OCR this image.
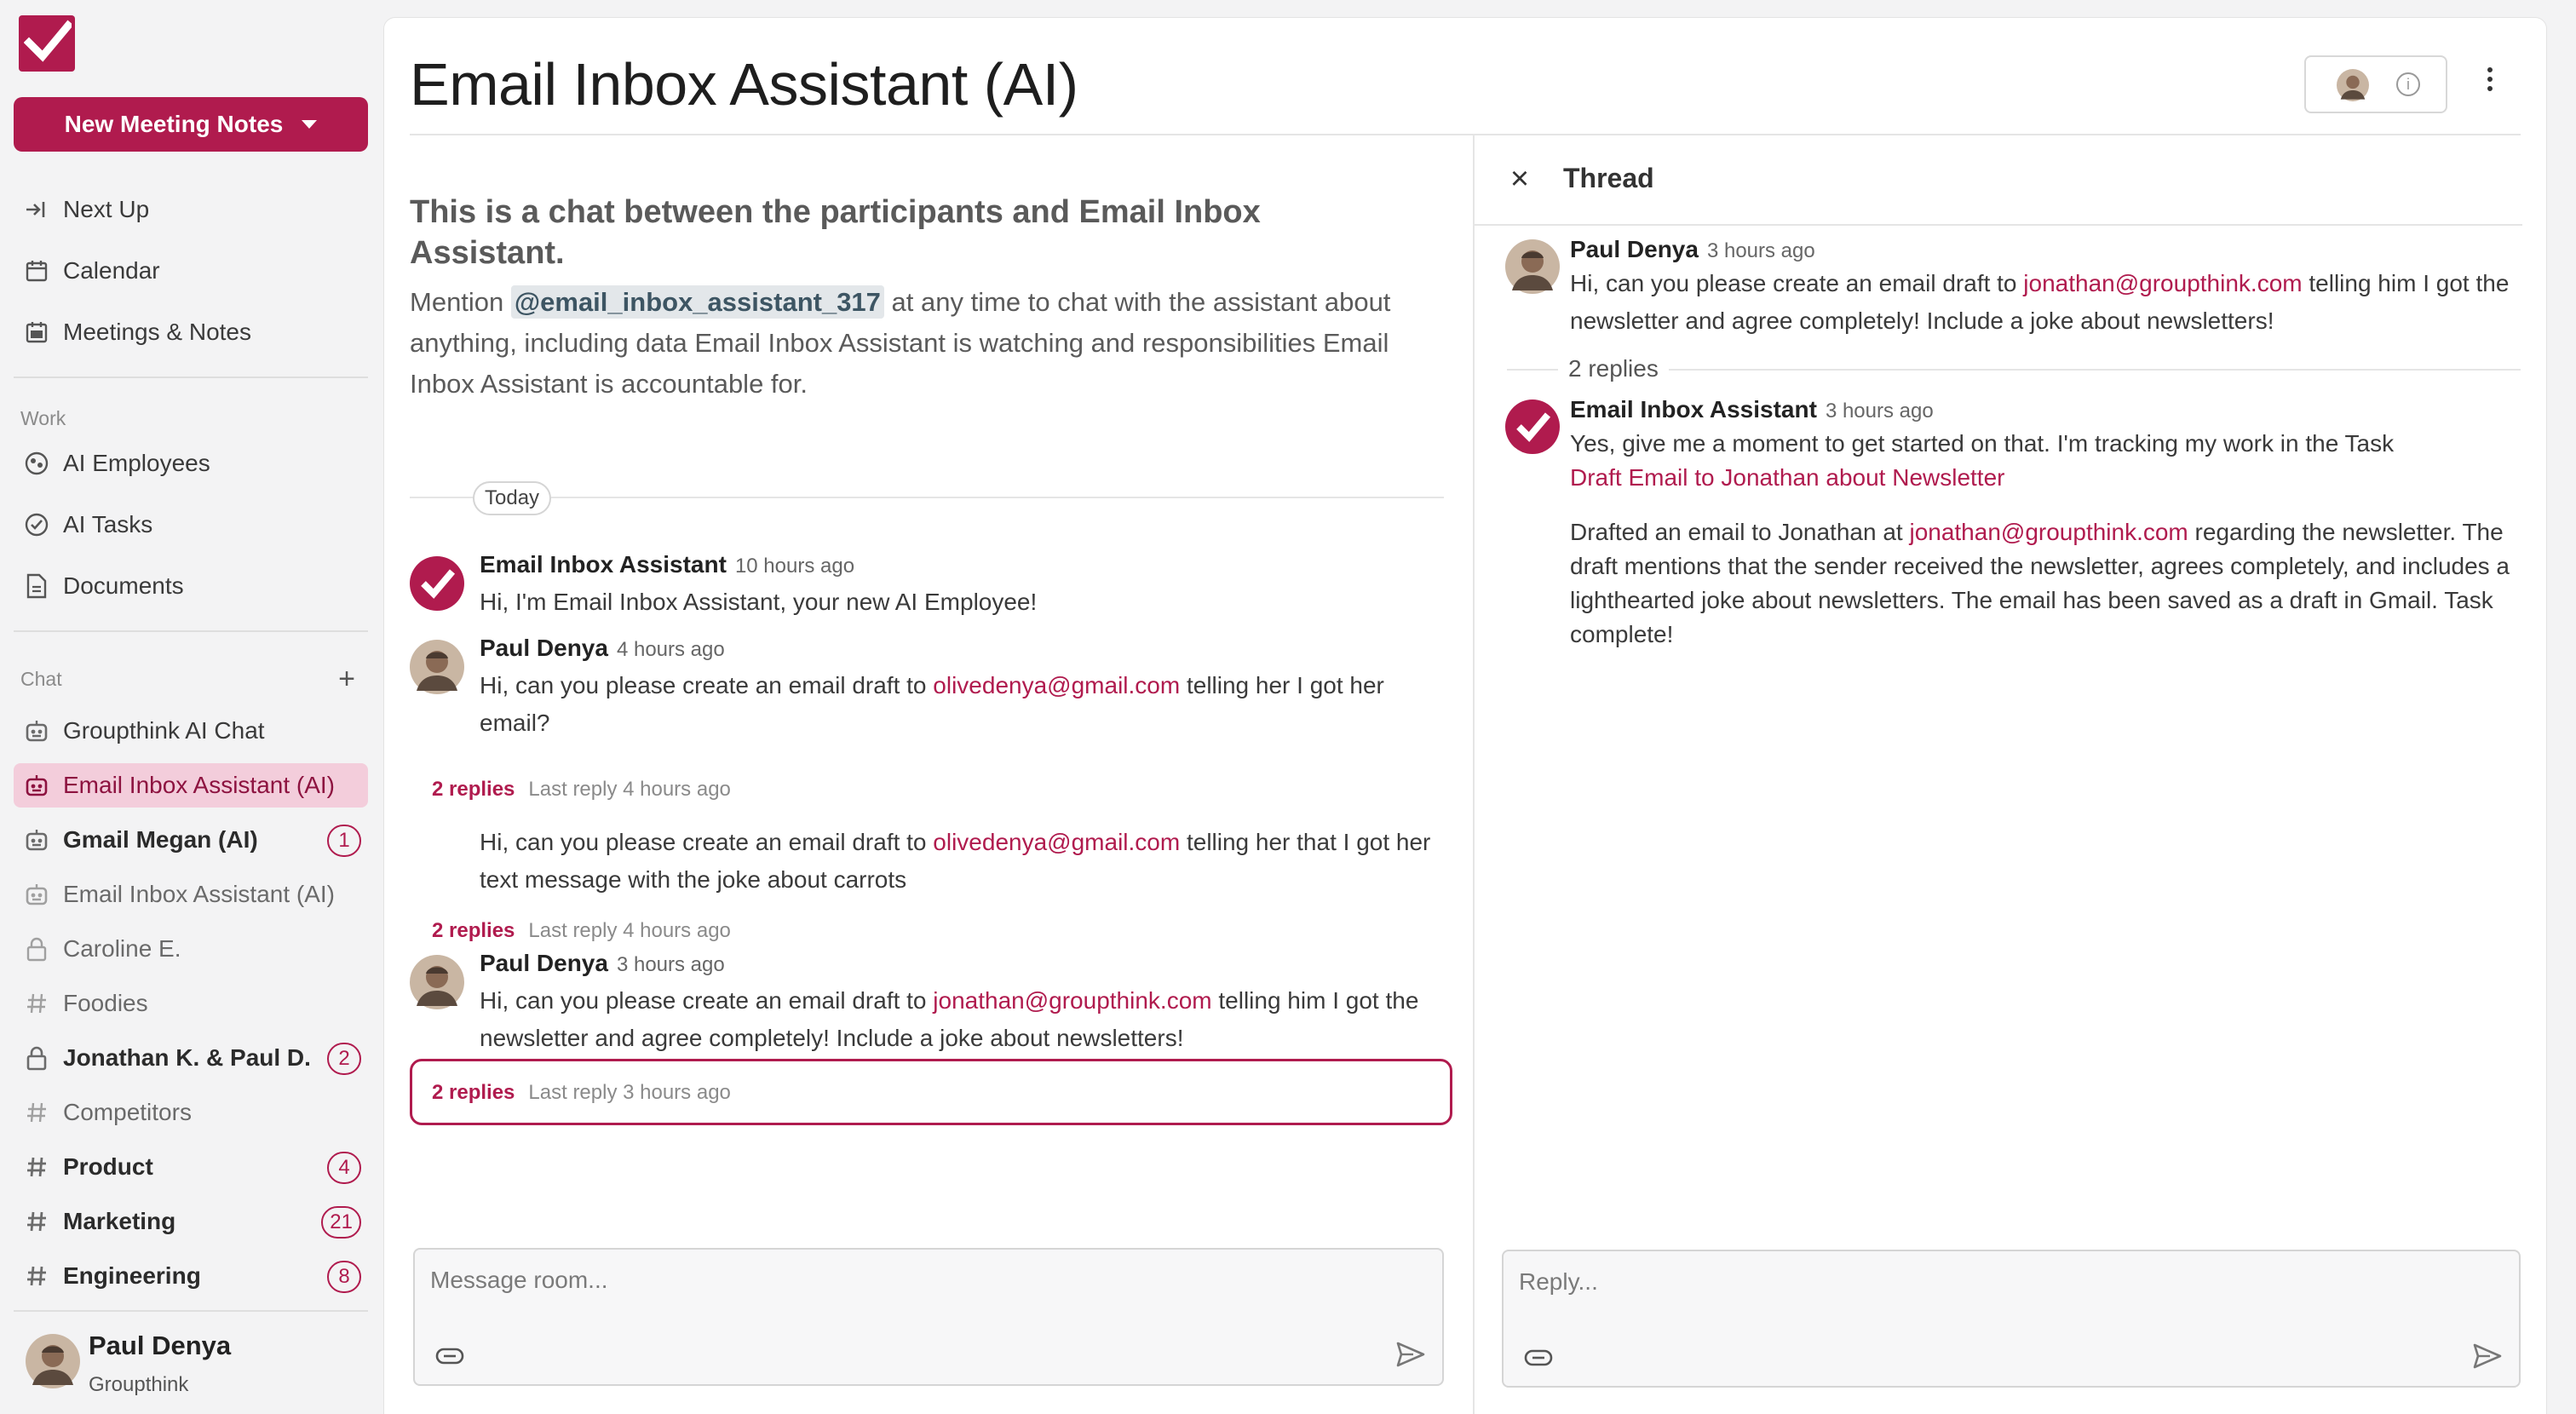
New Meeting Notes
Next Up
Calendar
Meetings & Notes
Work
AI Employees
AI Tasks
Documents
Chat	+
Groupthink AI Chat
Email Inbox Assistant (AI)
Gmail Megan (AI)	1
Email Inbox Assistant (AI)
Caroline E.
Foodies
Jonathan K. & Paul D.	2
Competitors
Product	4
Marketing	21
Engineering	8
Paul Denya
Groupthink
Email Inbox Assistant (AI)	i
This is a chat between the participants and Email Inbox Assistant.
Mention @email_inbox_assistant_317 at any time to chat with the assistant about anything, including data Email Inbox Assistant is watching and responsibilities Email Inbox Assistant is accountable for.
Today
Email Inbox Assistant 10 hours ago
Hi, I'm Email Inbox Assistant, your new AI Employee!
Paul Denya 4 hours ago
Hi, can you please create an email draft to olivedenya@gmail.com telling her I got her email?
2 replies Last reply 4 hours ago
Hi, can you please create an email draft to olivedenya@gmail.com telling her that I got her text message with the joke about carrots
2 replies Last reply 4 hours ago
Paul Denya 3 hours ago
Hi, can you please create an email draft to jonathan@groupthink.com telling him I got the newsletter and agree completely! Include a joke about newsletters!
2 replies Last reply 3 hours ago
Message room...
× Thread
Paul Denya 3 hours ago
Hi, can you please create an email draft to jonathan@groupthink.com telling him I got the newsletter and agree completely! Include a joke about newsletters!
2 replies
Email Inbox Assistant 3 hours ago
Yes, give me a moment to get started on that. I'm tracking my work in the Task
Draft Email to Jonathan about Newsletter
Drafted an email to Jonathan at jonathan@groupthink.com regarding the newsletter. The draft mentions that the sender received the newsletter, agrees completely, and includes a lighthearted joke about newsletters. The email has been saved as a draft in Gmail. Task complete!
Reply...
